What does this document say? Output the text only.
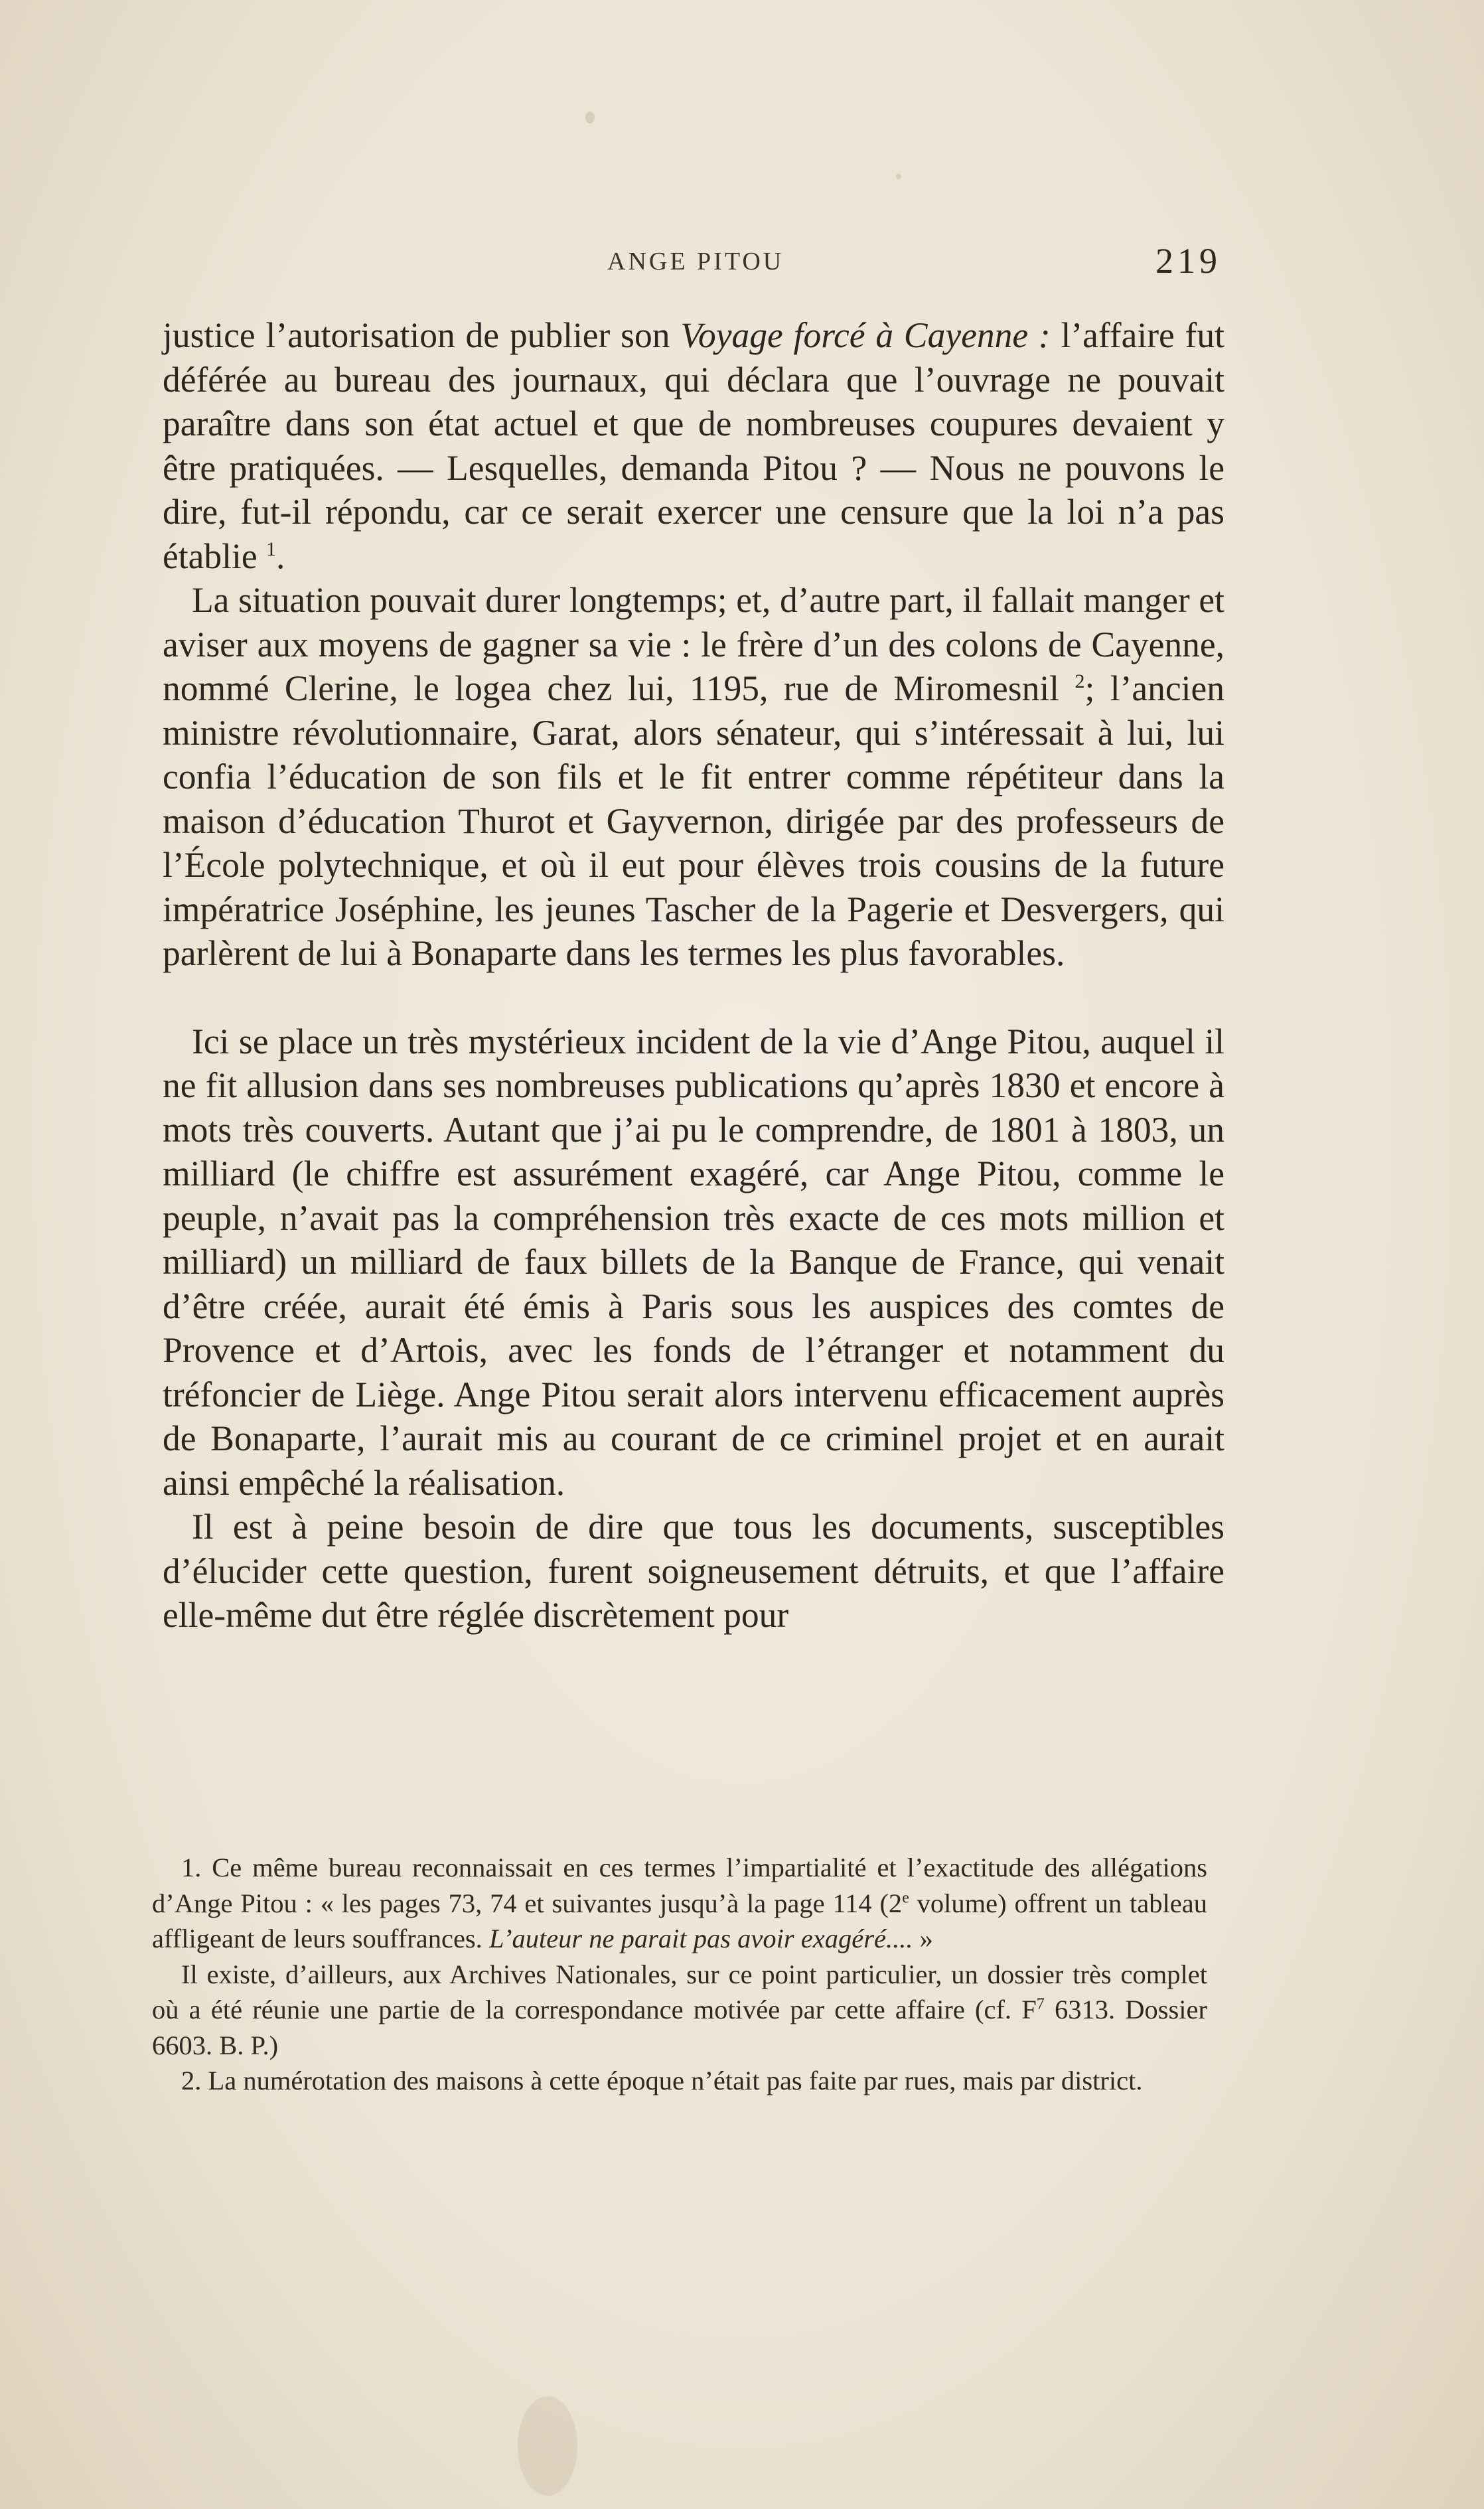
ANGE PITOU	219

justice l’autorisation de publier son Voyage forcé à Cayenne : l’affaire fut déférée au bureau des journaux, qui déclara que l’ouvrage ne pouvait paraître dans son état actuel et que de nombreuses coupures devaient y être pratiquées. — Lesquelles, demanda Pitou ? — Nous ne pouvons le dire, fut-il répondu, car ce serait exercer une censure que la loi n’a pas établie $^1$.

La situation pouvait durer longtemps; et, d’autre part, il fallait manger et aviser aux moyens de gagner sa vie : le frère d’un des colons de Cayenne, nommé Clerine, le logea chez lui, 1195, rue de Miromesnil $^2$; l’ancien ministre révolutionnaire, Garat, alors sénateur, qui s’intéressait à lui, lui confia l’éducation de son fils et le fit entrer comme répétiteur dans la maison d’éducation Thurot et Gayvernon, dirigée par des professeurs de l’École polytechnique, et où il eut pour élèves trois cousins de la future impératrice Joséphine, les jeunes Tascher de la Pagerie et Desvergers, qui parlèrent de lui à Bonaparte dans les termes les plus favorables.

Ici se place un très mystérieux incident de la vie d’Ange Pitou, auquel il ne fit allusion dans ses nombreuses publications qu’après 1830 et encore à mots très couverts. Autant que j’ai pu le comprendre, de 1801 à 1803, un milliard (le chiffre est assurément exagéré, car Ange Pitou, comme le peuple, n’avait pas la compréhension très exacte de ces mots million et milliard) un milliard de faux billets de la Banque de France, qui venait d’être créée, aurait été émis à Paris sous les auspices des comtes de Provence et d’Artois, avec les fonds de l’étranger et notamment du tréfoncier de Liège. Ange Pitou serait alors intervenu efficacement auprès de Bonaparte, l’aurait mis au courant de ce criminel projet et en aurait ainsi empêché la réalisation.

Il est à peine besoin de dire que tous les documents, susceptibles d’élucider cette question, furent soigneusement détruits, et que l’affaire elle-même dut être réglée discrètement pour

1. Ce même bureau reconnaissait en ces termes l’impartialité et l’exactitude des allégations d’Ange Pitou : « les pages 73, 74 et suivantes jusqu’à la page 114 (2e volume) offrent un tableau affligeant de leurs souffrances. L’auteur ne parait pas avoir exagéré.... »

Il existe, d’ailleurs, aux Archives Nationales, sur ce point particulier, un dossier très complet où a été réunie une partie de la correspondance motivée par cette affaire (cf. $F^7$ 6313. Dossier 6603. B. P.)

2. La numérotation des maisons à cette époque n’était pas faite par rues, mais par district.
